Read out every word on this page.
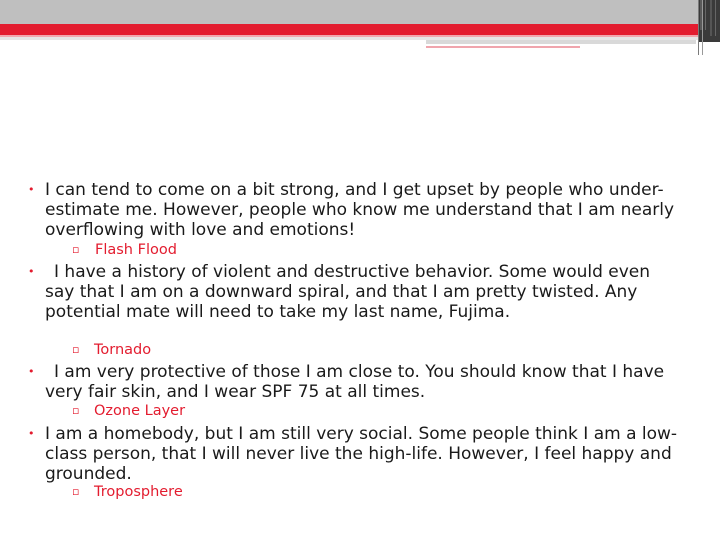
• I can tend to come on a bit strong, and I get upset by people who under-estimate me. However, people who know me understand that I am nearly overflowing with love and emotions!
▫ Flash Flood
•	I have a history of violent and destructive behavior. Some would even say that I am on a downward spiral, and that I am pretty twisted. Any potential mate will need to take my last name, Fujima.
▫ Tornado
•	I am very protective of those I am close to. You should know that I have very fair skin, and I wear SPF 75 at all times.
▫ Ozone Layer
• I am a homebody, but I am still very social. Some people think I am a low-class person, that I will never live the high-life. However, I feel happy and grounded.
▫ Troposphere
